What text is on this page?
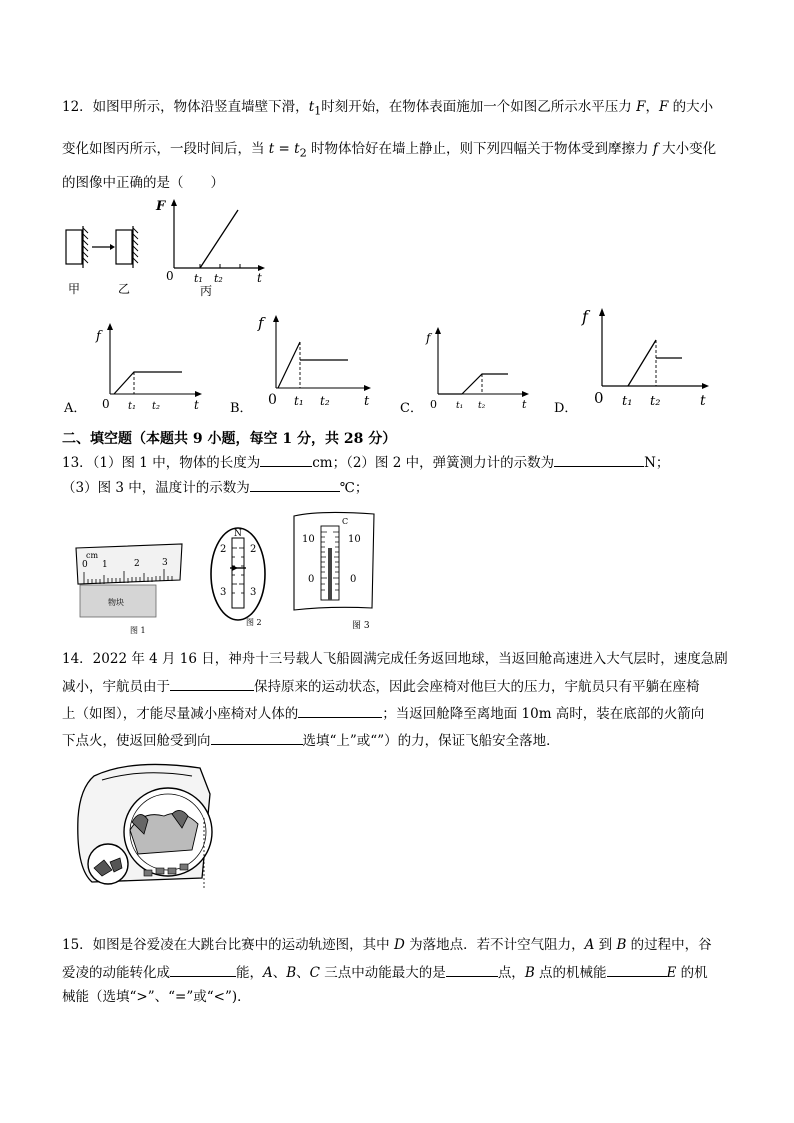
12．如图甲所示，物体沿竖直墙壁下滑，$t_1$时刻开始，在物体表面施加一个如图乙所示水平压力 F，F 的大小
变化如图丙所示，一段时间后，当 $t = t_2$ 时物体恰好在墙上静止，则下列四幅关于物体受到摩擦力 f 大小变化
的图像中正确的是（　　）
甲	乙
F
0 t₁ t₂	t
丙
f
0 t₁ t₂	t
A．
f
0 t₁ t₂	t
B．
f
0 t₁ t₂	t
C．
f
0 t₁ t₂	t
D．
二、填空题（本题共 9 小题，每空 1 分，共 28 分）
13．（1）图 1 中，物体的长度为	cm；（2）图 2 中，弹簧测力计的示数为	N；
（3）图 3 中，温度计的示数为	℃；
cm
0 1	2 3
物块
图 1
N
2 2
3 3
图 2
C
10	10
0	0
图 3
14．2022 年 4 月 16 日，神舟十三号载人飞船圆满完成任务返回地球，当返回舱高速进入大气层时，速度急剧
减小，宇航员由于	保持原来的运动状态，因此会座椅对他巨大的压力，宇航员只有平躺在座椅
上（如图），才能尽量减小座椅对人体的	；当返回舱降至离地面 10m 高时，装在底部的火箭向
下点火，使返回舱受到向	选填“上”或“”）的力，保证飞船安全落地．
15．如图是谷爱凌在大跳台比赛中的运动轨迹图，其中 D 为落地点．若不计空气阻力，A 到 B 的过程中，谷
爱凌的动能转化成	能，A、B、C 三点中动能最大的是	点，B 点的机械能	E 的机
械能（选填“>”、“=”或“<”)．
